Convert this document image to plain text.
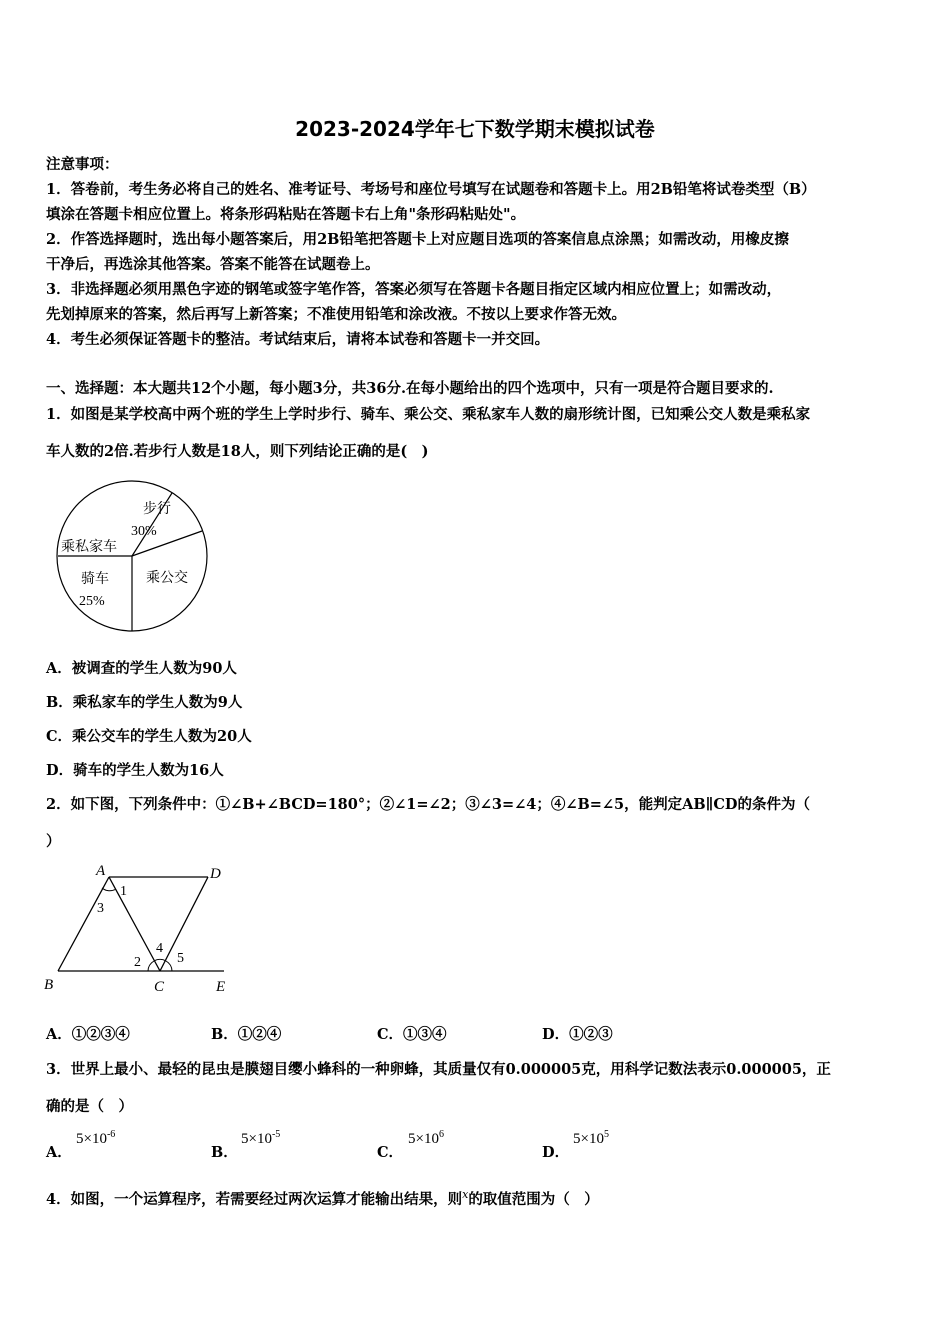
2023-2024学年七下数学期末模拟试卷
注意事项：
1．答卷前，考生务必将自己的姓名、准考证号、考场号和座位号填写在试题卷和答题卡上。用2B铅笔将试卷类型（B）
填涂在答题卡相应位置上。将条形码粘贴在答题卡右上角"条形码粘贴处"。
2．作答选择题时，选出每小题答案后，用2B铅笔把答题卡上对应题目选项的答案信息点涂黑；如需改动，用橡皮擦
干净后，再选涂其他答案。答案不能答在试题卷上。
3．非选择题必须用黑色字迹的钢笔或签字笔作答，答案必须写在答题卡各题目指定区域内相应位置上；如需改动，
先划掉原来的答案，然后再写上新答案；不准使用铅笔和涂改液。不按以上要求作答无效。
4．考生必须保证答题卡的整洁。考试结束后，请将本试卷和答题卡一并交回。
一、选择题：本大题共12个小题，每小题3分，共36分.在每小题给出的四个选项中，只有一项是符合题目要求的.
1．如图是某学校高中两个班的学生上学时步行、骑车、乘公交、乘私家车人数的扇形统计图，已知乘公交人数是乘私家
车人数的2倍.若步行人数是18人，则下列结论正确的是(　)
步行
30%
乘公交
骑车
25%
乘私家车
A．被调查的学生人数为90人
B．乘私家车的学生人数为9人
C．乘公交车的学生人数为20人
D．骑车的学生人数为16人
2．如下图，下列条件中：①∠B+∠BCD=180°；②∠1=∠2；③∠3=∠4；④∠B=∠5，能判定AB∥CD的条件为（
）
A	D
B	C	E
1
3
2
4
5
A．①②③④	B．①②④	C．①③④	D．①②③
3．世界上最小、最轻的昆虫是膜翅目缨小蜂科的一种卵蜂，其质量仅有0.000005克，用科学记数法表示0.000005，正
确的是（　）
A．
$5\times 10^{-6}$
B．
$5\times 10^{-5}$
C．
$5\times 10^6$
D．
$5\times 10^5$
4．如图，一个运算程序，若需要经过两次运算才能输出结果，则$^x$的取值范围为（　）
